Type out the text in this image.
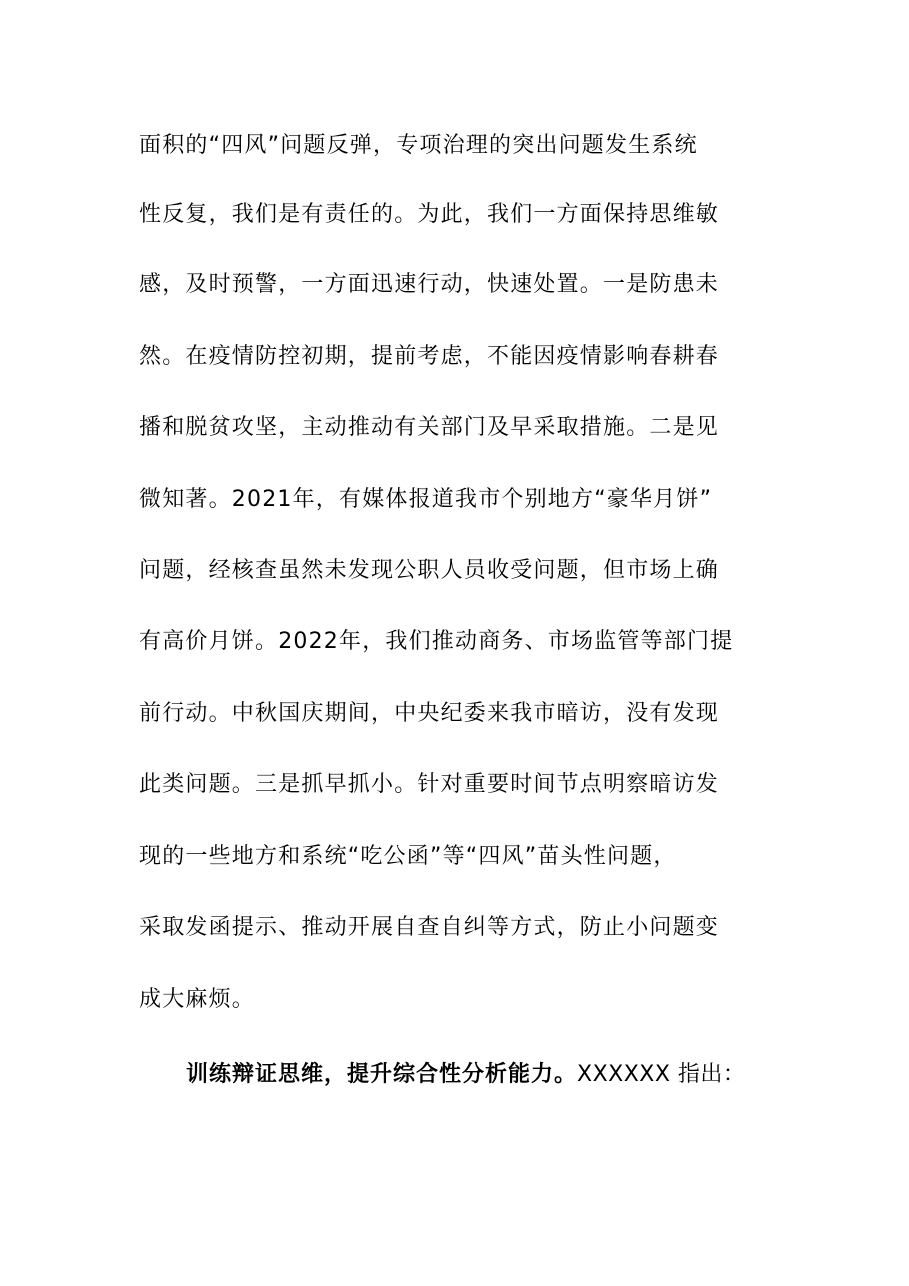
面积的“四风”问题反弹，专项治理的突出问题发生系统
性反复，我们是有责任的。为此，我们一方面保持思维敏
感，及时预警，一方面迅速行动，快速处置。一是防患未
然。在疫情防控初期，提前考虑，不能因疫情影响春耕春
播和脱贫攻坚，主动推动有关部门及早采取措施。二是见
微知著。2021年，有媒体报道我市个别地方“豪华月饼”
问题，经核查虽然未发现公职人员收受问题，但市场上确
有高价月饼。2022年，我们推动商务、市场监管等部门提
前行动。中秋国庆期间，中央纪委来我市暗访，没有发现
此类问题。三是抓早抓小。针对重要时间节点明察暗访发
现的一些地方和系统“吃公函”等“四风”苗头性问题，
采取发函提示、推动开展自查自纠等方式，防止小问题变
成大麻烦。
训练辩证思维，提升综合性分析能力。XXXXXX 指出：
